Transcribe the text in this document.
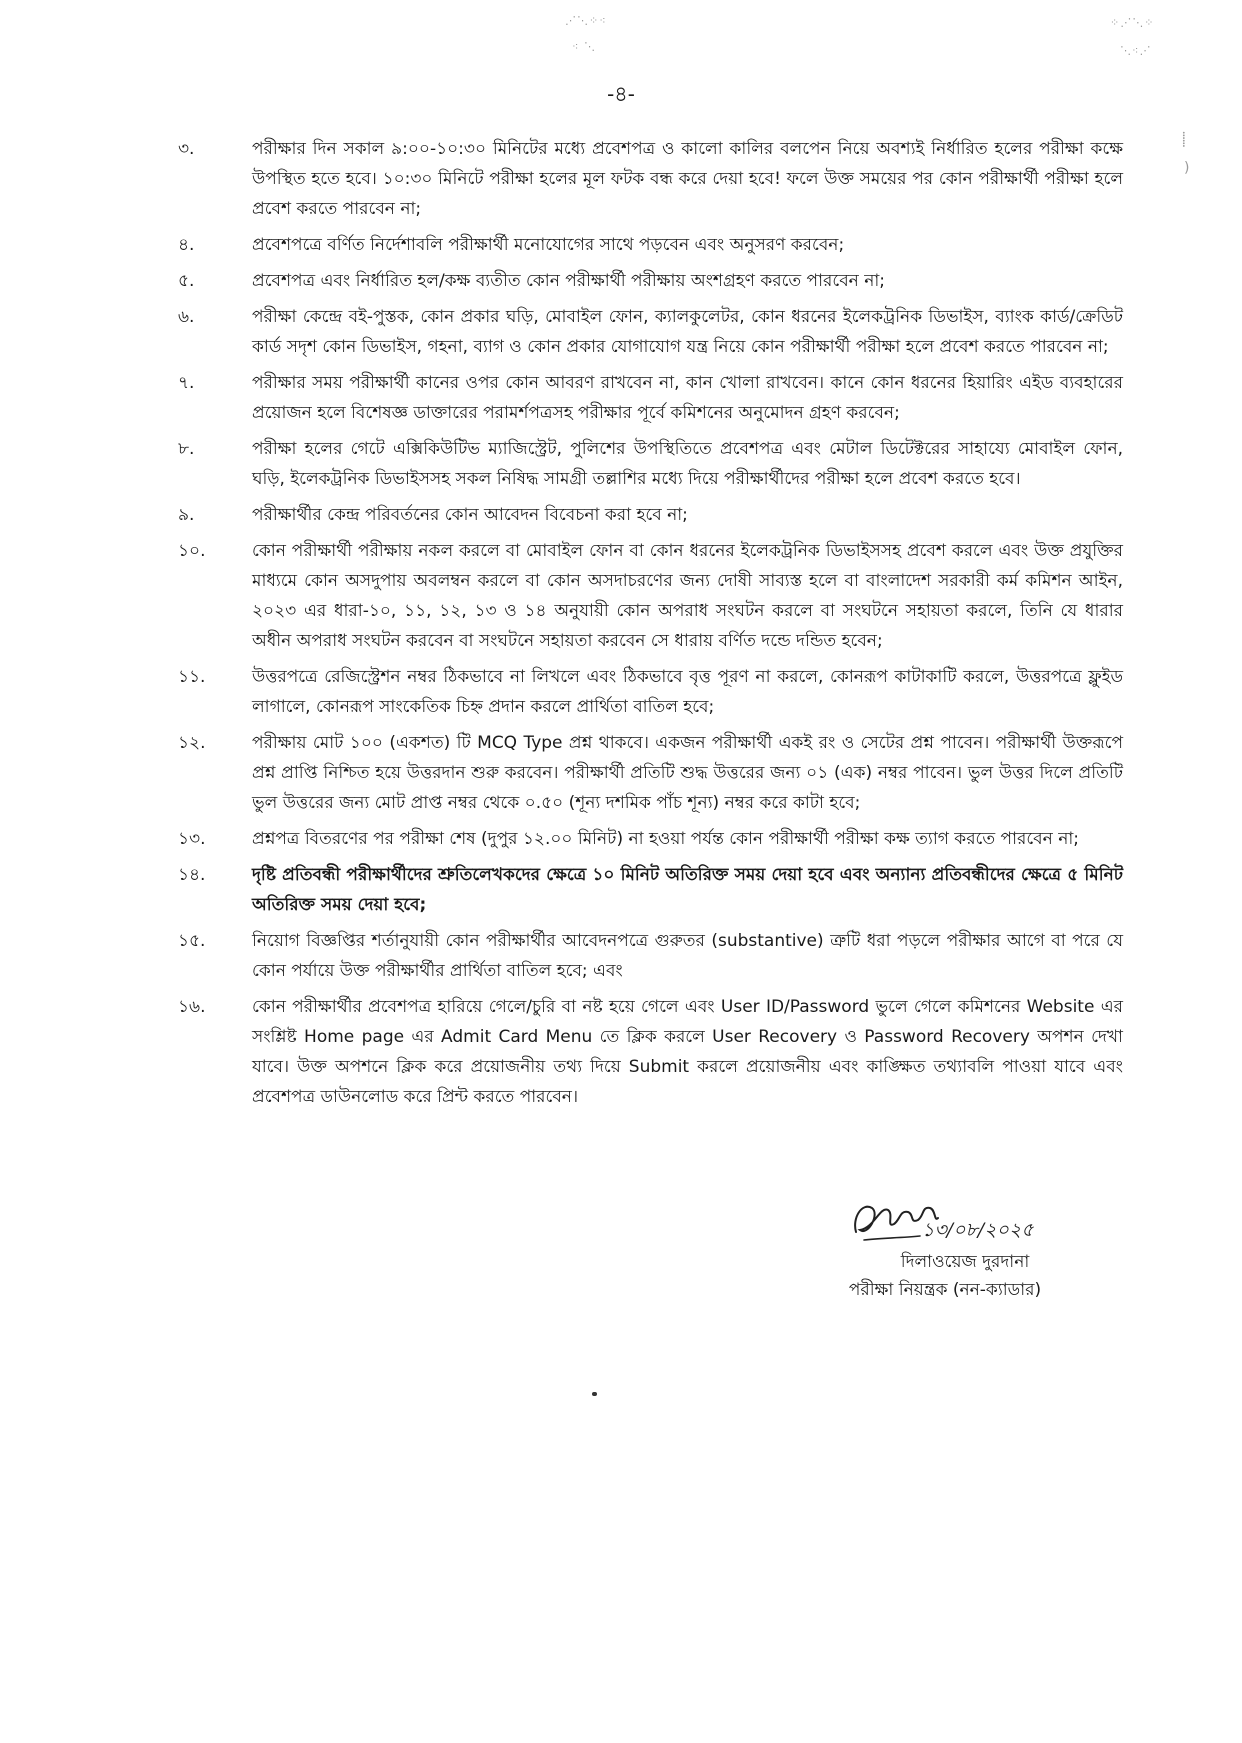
⋰⋱⁘⁖
⁖ ⋱
⁘⋰⋱⁘
⋱⁖⋰
⸽
)
-৪-
৩.	পরীক্ষার দিন সকাল ৯:০০-১০:৩০ মিনিটের মধ্যে প্রবেশপত্র ও কালো কালির বলপেন নিয়ে অবশ্যই নির্ধারিত হলের পরীক্ষা কক্ষে উপস্থিত হতে হবে। ১০:৩০ মিনিটে পরীক্ষা হলের মূল ফটক বন্ধ করে দেয়া হবে! ফলে উক্ত সময়ের পর কোন পরীক্ষার্থী পরীক্ষা হলে প্রবেশ করতে পারবেন না;
৪.	প্রবেশপত্রে বর্ণিত নির্দেশাবলি পরীক্ষার্থী মনোযোগের সাথে পড়বেন এবং অনুসরণ করবেন;
৫.	প্রবেশপত্র এবং নির্ধারিত হল/কক্ষ ব্যতীত কোন পরীক্ষার্থী পরীক্ষায় অংশগ্রহণ করতে পারবেন না;
৬.	পরীক্ষা কেন্দ্রে বই-পুস্তক, কোন প্রকার ঘড়ি, মোবাইল ফোন, ক্যালকুলেটর, কোন ধরনের ইলেকট্রনিক ডিভাইস, ব্যাংক কার্ড/ক্রেডিট কার্ড সদৃশ কোন ডিভাইস, গহনা, ব্যাগ ও কোন প্রকার যোগাযোগ যন্ত্র নিয়ে কোন পরীক্ষার্থী পরীক্ষা হলে প্রবেশ করতে পারবেন না;
৭.	পরীক্ষার সময় পরীক্ষার্থী কানের ওপর কোন আবরণ রাখবেন না, কান খোলা রাখবেন। কানে কোন ধরনের হিয়ারিং এইড ব্যবহারের প্রয়োজন হলে বিশেষজ্ঞ ডাক্তারের পরামর্শপত্রসহ পরীক্ষার পূর্বে কমিশনের অনুমোদন গ্রহণ করবেন;
৮.	পরীক্ষা হলের গেটে এক্সিকিউটিভ ম্যাজিস্ট্রেট, পুলিশের উপস্থিতিতে প্রবেশপত্র এবং মেটাল ডিটেক্টরের সাহায্যে মোবাইল ফোন, ঘড়ি, ইলেকট্রনিক ডিভাইসসহ সকল নিষিদ্ধ সামগ্রী তল্লাশির মধ্যে দিয়ে পরীক্ষার্থীদের পরীক্ষা হলে প্রবেশ করতে হবে।
৯.	পরীক্ষার্থীর কেন্দ্র পরিবর্তনের কোন আবেদন বিবেচনা করা হবে না;
১০.	কোন পরীক্ষার্থী পরীক্ষায় নকল করলে বা মোবাইল ফোন বা কোন ধরনের ইলেকট্রনিক ডিভাইসসহ প্রবেশ করলে এবং উক্ত প্রযুক্তির মাধ্যমে কোন অসদুপায় অবলম্বন করলে বা কোন অসদাচরণের জন্য দোষী সাব্যস্ত হলে বা বাংলাদেশ সরকারী কর্ম কমিশন আইন, ২০২৩ এর ধারা-১০, ১১, ১২, ১৩ ও ১৪ অনুযায়ী কোন অপরাধ সংঘটন করলে বা সংঘটনে সহায়তা করলে, তিনি যে ধারার অধীন অপরাধ সংঘটন করবেন বা সংঘটনে সহায়তা করবেন সে ধারায় বর্ণিত দন্ডে দন্ডিত হবেন;
১১.	উত্তরপত্রে রেজিস্ট্রেশন নম্বর ঠিকভাবে না লিখলে এবং ঠিকভাবে বৃত্ত পূরণ না করলে, কোনরূপ কাটাকাটি করলে, উত্তরপত্রে ফ্লুইড লাগালে, কোনরূপ সাংকেতিক চিহ্ন প্রদান করলে প্রার্থিতা বাতিল হবে;
১২.	পরীক্ষায় মোট ১০০ (একশত) টি MCQ Type প্রশ্ন থাকবে। একজন পরীক্ষার্থী একই রং ও সেটের প্রশ্ন পাবেন। পরীক্ষার্থী উক্তরূপে প্রশ্ন প্রাপ্তি নিশ্চিত হয়ে উত্তরদান শুরু করবেন। পরীক্ষার্থী প্রতিটি শুদ্ধ উত্তরের জন্য ০১ (এক) নম্বর পাবেন। ভুল উত্তর দিলে প্রতিটি ভুল উত্তরের জন্য মোট প্রাপ্ত নম্বর থেকে ০.৫০ (শূন্য দশমিক পাঁচ শূন্য) নম্বর করে কাটা হবে;
১৩.	প্রশ্নপত্র বিতরণের পর পরীক্ষা শেষ (দুপুর ১২.০০ মিনিট) না হওয়া পর্যন্ত কোন পরীক্ষার্থী পরীক্ষা কক্ষ ত্যাগ করতে পারবেন না;
১৪.	দৃষ্টি প্রতিবন্ধী পরীক্ষার্থীদের শ্রুতিলেখকদের ক্ষেত্রে ১০ মিনিট অতিরিক্ত সময় দেয়া হবে এবং অন্যান্য প্রতিবন্ধীদের ক্ষেত্রে ৫ মিনিট অতিরিক্ত সময় দেয়া হবে;
১৫.	নিয়োগ বিজ্ঞপ্তির শর্তানুযায়ী কোন পরীক্ষার্থীর আবেদনপত্রে গুরুতর (substantive) ত্রুটি ধরা পড়লে পরীক্ষার আগে বা পরে যে কোন পর্যায়ে উক্ত পরীক্ষার্থীর প্রার্থিতা বাতিল হবে; এবং
১৬.	কোন পরীক্ষার্থীর প্রবেশপত্র হারিয়ে গেলে/চুরি বা নষ্ট হয়ে গেলে এবং User ID/Password ভুলে গেলে কমিশনের Website এর সংশ্লিষ্ট Home page এর Admit Card Menu তে ক্লিক করলে User Recovery ও Password Recovery অপশন দেখা যাবে। উক্ত অপশনে ক্লিক করে প্রয়োজনীয় তথ্য দিয়ে Submit করলে প্রয়োজনীয় এবং কাঙ্ক্ষিত তথ্যাবলি পাওয়া যাবে এবং প্রবেশপত্র ডাউনলোড করে প্রিন্ট করতে পারবেন।
১৩/০৮/২০২৫
দিলাওয়েজ দুরদানা
পরীক্ষা নিয়ন্ত্রক (নন-ক্যাডার)
